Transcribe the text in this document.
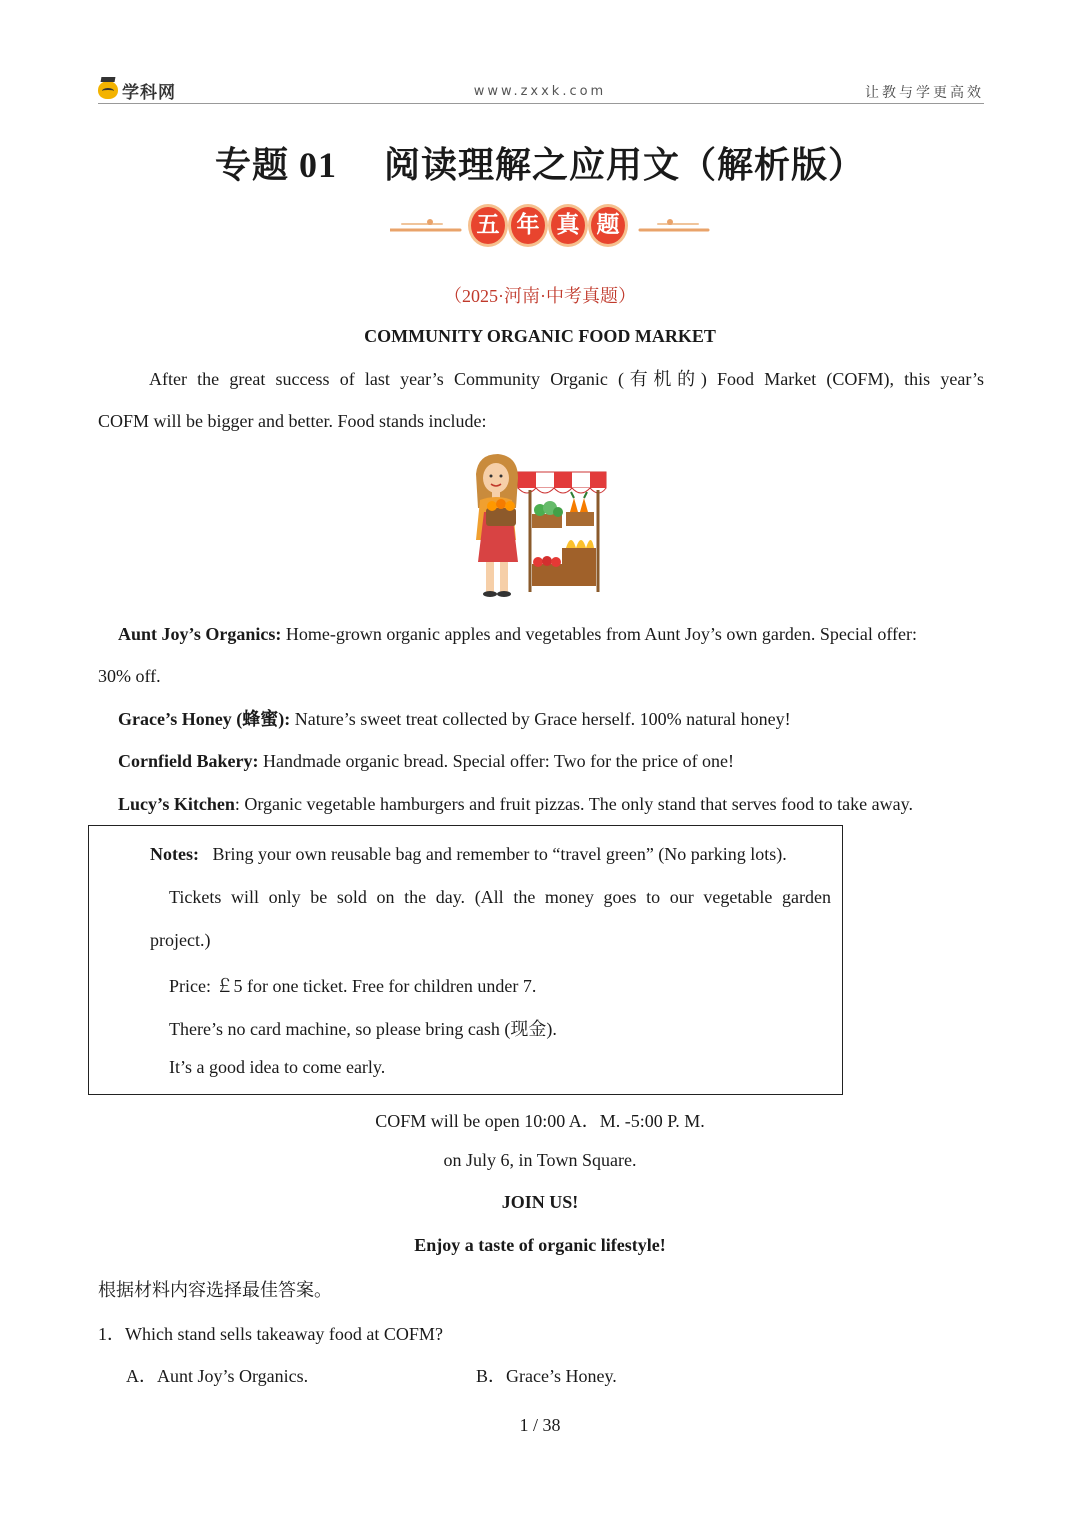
学科网	www.zxxk.com	让教与学更高效
专题 01　 阅读理解之应用文（解析版）
五 年 真 题
（2025·河南·中考真题）
COMMUNITY ORGANIC FOOD MARKET
After the great success of last year’s Community Organic (有机的) Food Market (COFM), this year’s
COFM will be bigger and better. Food stands include:
Aunt Joy’s Organics: Home-grown organic apples and vegetables from Aunt Joy’s own garden. Special offer:
30% off.
Grace’s Honey (蜂蜜): Nature’s sweet treat collected by Grace herself. 100% natural honey!
Cornfield Bakery: Handmade organic bread. Special offer: Two for the price of one!
Lucy’s Kitchen: Organic vegetable hamburgers and fruit pizzas. The only stand that serves food to take away.
Notes: Bring your own reusable bag and remember to “travel green” (No parking lots).
Tickets will only be sold on the day. (All the money goes to our vegetable garden
project.)
Price: ￡5 for one ticket. Free for children under 7.
There’s no card machine, so please bring cash (现金).
It’s a good idea to come early.
COFM will be open 10:00 A．M. -5:00 P. M.
on July 6, in Town Square.
JOIN US!
Enjoy a taste of organic lifestyle!
根据材料内容选择最佳答案。
1．Which stand sells takeaway food at COFM?
A．Aunt Joy’s Organics.	B．Grace’s Honey.
1 / 38
